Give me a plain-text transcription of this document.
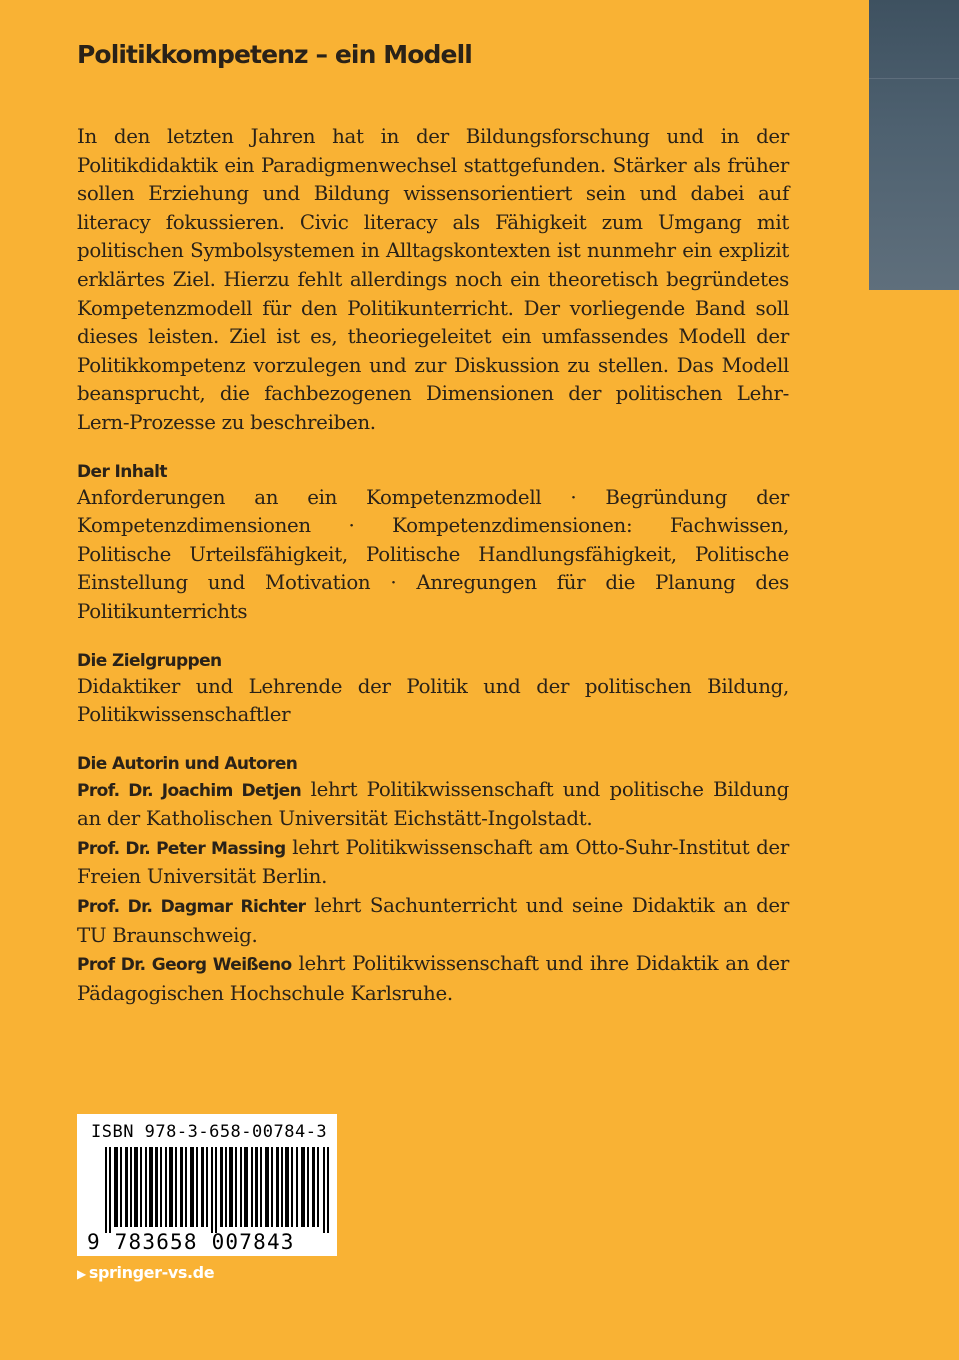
Politikkompetenz – ein Modell

In den letzten Jahren hat in der Bildungsforschung und in der Politikdidaktik ein Paradigmenwechsel stattgefunden. Stärker als früher sollen Erziehung und Bildung wissensorientiert sein und dabei auf literacy fokussieren. Civic literacy als Fähigkeit zum Umgang mit politischen Symbolsystemen in Alltagskontexten ist nunmehr ein explizit erklärtes Ziel. Hierzu fehlt allerdings noch ein theoretisch begründetes Kompetenzmodell für den Politikunterricht. Der vorliegende Band soll dieses leisten. Ziel ist es, theoriegeleitet ein umfassendes Modell der Politikkompetenz vorzulegen und zur Diskussion zu stellen. Das Modell beansprucht, die fachbezogenen Dimensionen der politischen Lehr-Lern-Prozesse zu beschreiben.

Der Inhalt

Anforderungen an ein Kompetenzmodell · Begründung der Kompetenzdimensionen · Kompetenzdimensionen: Fachwissen, Politische Urteilsfähigkeit, Politische Handlungsfähigkeit, Politische Einstellung und Motivation · Anregungen für die Planung des Politikunterrichts

Die Zielgruppen

Didaktiker und Lehrende der Politik und der politischen Bildung, Politikwissenschaftler

Die Autorin und Autoren

Prof. Dr. Joachim Detjen lehrt Politikwissenschaft und politische Bildung an der Katholischen Universität Eichstätt-Ingolstadt.

Prof. Dr. Peter Massing lehrt Politikwissenschaft am Otto-Suhr-Institut der Freien Universität Berlin.

Prof. Dr. Dagmar Richter lehrt Sachunterricht und seine Didaktik an der TU Braunschweig.

Prof Dr. Georg Weißeno lehrt Politikwissenschaft und ihre Didaktik an der Pädagogischen Hochschule Karlsruhe.

ISBN 978-3-658-00784-3
9 783658 007843
▶ springer-vs.de
